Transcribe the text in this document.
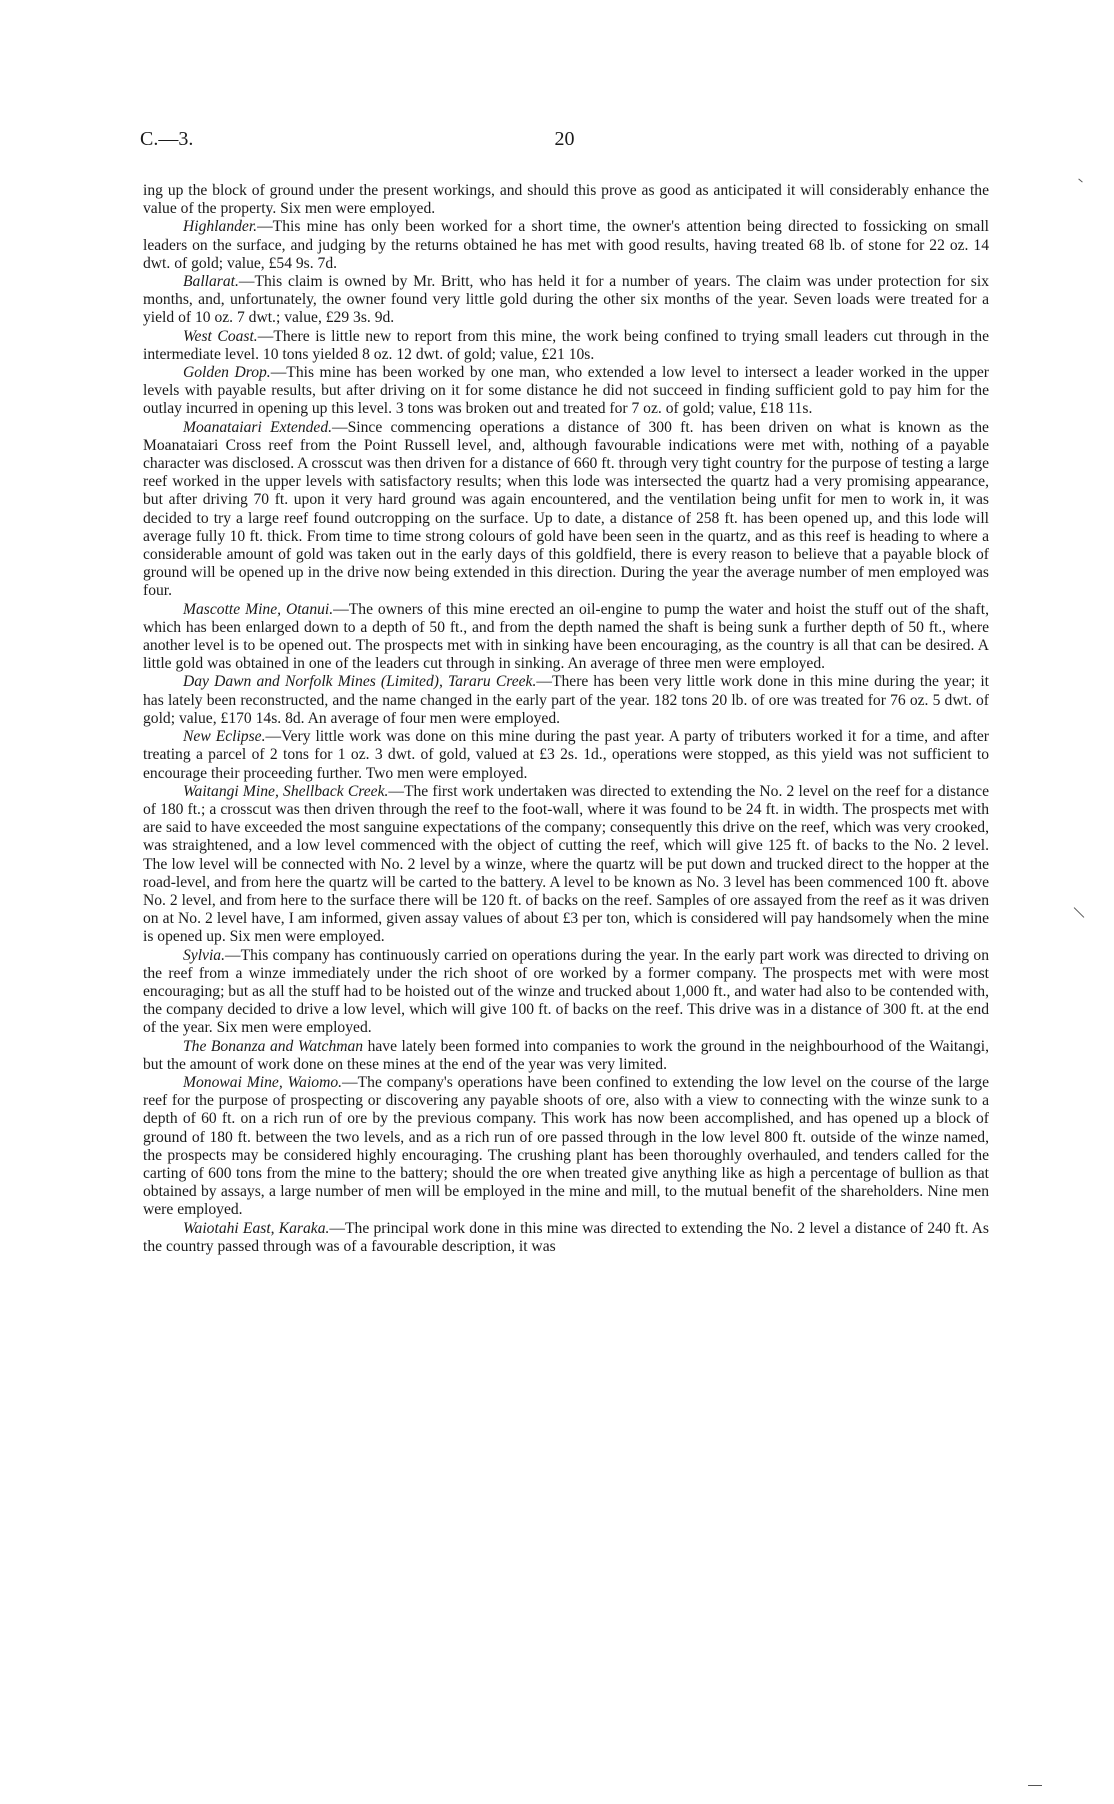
C.—3.	20

ing up the block of ground under the present workings, and should this prove as good as anticipated it will considerably enhance the value of the property. Six men were employed.

Highlander.—This mine has only been worked for a short time, the owner's attention being directed to fossicking on small leaders on the surface, and judging by the returns obtained he has met with good results, having treated 68 lb. of stone for 22 oz. 14 dwt. of gold; value, £54 9s. 7d.

Ballarat.—This claim is owned by Mr. Britt, who has held it for a number of years. The claim was under protection for six months, and, unfortunately, the owner found very little gold during the other six months of the year. Seven loads were treated for a yield of 10 oz. 7 dwt.; value, £29 3s. 9d.

West Coast.—There is little new to report from this mine, the work being confined to trying small leaders cut through in the intermediate level. 10 tons yielded 8 oz. 12 dwt. of gold; value, £21 10s.

Golden Drop.—This mine has been worked by one man, who extended a low level to intersect a leader worked in the upper levels with payable results, but after driving on it for some distance he did not succeed in finding sufficient gold to pay him for the outlay incurred in opening up this level. 3 tons was broken out and treated for 7 oz. of gold; value, £18 11s.

Moanataiari Extended.—Since commencing operations a distance of 300 ft. has been driven on what is known as the Moanataiari Cross reef from the Point Russell level, and, although favourable indications were met with, nothing of a payable character was disclosed. A crosscut was then driven for a distance of 660 ft. through very tight country for the purpose of testing a large reef worked in the upper levels with satisfactory results; when this lode was intersected the quartz had a very promising appearance, but after driving 70 ft. upon it very hard ground was again encountered, and the ventilation being unfit for men to work in, it was decided to try a large reef found outcropping on the surface. Up to date, a distance of 258 ft. has been opened up, and this lode will average fully 10 ft. thick. From time to time strong colours of gold have been seen in the quartz, and as this reef is heading to where a considerable amount of gold was taken out in the early days of this goldfield, there is every reason to believe that a payable block of ground will be opened up in the drive now being extended in this direction. During the year the average number of men employed was four.

Mascotte Mine, Otanui.—The owners of this mine erected an oil-engine to pump the water and hoist the stuff out of the shaft, which has been enlarged down to a depth of 50 ft., and from the depth named the shaft is being sunk a further depth of 50 ft., where another level is to be opened out. The prospects met with in sinking have been encouraging, as the country is all that can be desired. A little gold was obtained in one of the leaders cut through in sinking. An average of three men were employed.

Day Dawn and Norfolk Mines (Limited), Tararu Creek.—There has been very little work done in this mine during the year; it has lately been reconstructed, and the name changed in the early part of the year. 182 tons 20 lb. of ore was treated for 76 oz. 5 dwt. of gold; value, £170 14s. 8d. An average of four men were employed.

New Eclipse.—Very little work was done on this mine during the past year. A party of tributers worked it for a time, and after treating a parcel of 2 tons for 1 oz. 3 dwt. of gold, valued at £3 2s. 1d., operations were stopped, as this yield was not sufficient to encourage their proceeding further. Two men were employed.

Waitangi Mine, Shellback Creek.—The first work undertaken was directed to extending the No. 2 level on the reef for a distance of 180 ft.; a crosscut was then driven through the reef to the foot-wall, where it was found to be 24 ft. in width. The prospects met with are said to have exceeded the most sanguine expectations of the company; consequently this drive on the reef, which was very crooked, was straightened, and a low level commenced with the object of cutting the reef, which will give 125 ft. of backs to the No. 2 level. The low level will be connected with No. 2 level by a winze, where the quartz will be put down and trucked direct to the hopper at the road-level, and from here the quartz will be carted to the battery. A level to be known as No. 3 level has been commenced 100 ft. above No. 2 level, and from here to the surface there will be 120 ft. of backs on the reef. Samples of ore assayed from the reef as it was driven on at No. 2 level have, I am informed, given assay values of about £3 per ton, which is considered will pay handsomely when the mine is opened up. Six men were employed.

Sylvia.—This company has continuously carried on operations during the year. In the early part work was directed to driving on the reef from a winze immediately under the rich shoot of ore worked by a former company. The prospects met with were most encouraging; but as all the stuff had to be hoisted out of the winze and trucked about 1,000 ft., and water had also to be contended with, the company decided to drive a low level, which will give 100 ft. of backs on the reef. This drive was in a distance of 300 ft. at the end of the year. Six men were employed.

The Bonanza and Watchman have lately been formed into companies to work the ground in the neighbourhood of the Waitangi, but the amount of work done on these mines at the end of the year was very limited.

Monowai Mine, Waiomo.—The company's operations have been confined to extending the low level on the course of the large reef for the purpose of prospecting or discovering any payable shoots of ore, also with a view to connecting with the winze sunk to a depth of 60 ft. on a rich run of ore by the previous company. This work has now been accomplished, and has opened up a block of ground of 180 ft. between the two levels, and as a rich run of ore passed through in the low level 800 ft. outside of the winze named, the prospects may be considered highly encouraging. The crushing plant has been thoroughly overhauled, and tenders called for the carting of 600 tons from the mine to the battery; should the ore when treated give anything like as high a percentage of bullion as that obtained by assays, a large number of men will be employed in the mine and mill, to the mutual benefit of the shareholders. Nine men were employed.

Waiotahi East, Karaka.—The principal work done in this mine was directed to extending the No. 2 level a distance of 240 ft. As the country passed through was of a favourable description, it was
